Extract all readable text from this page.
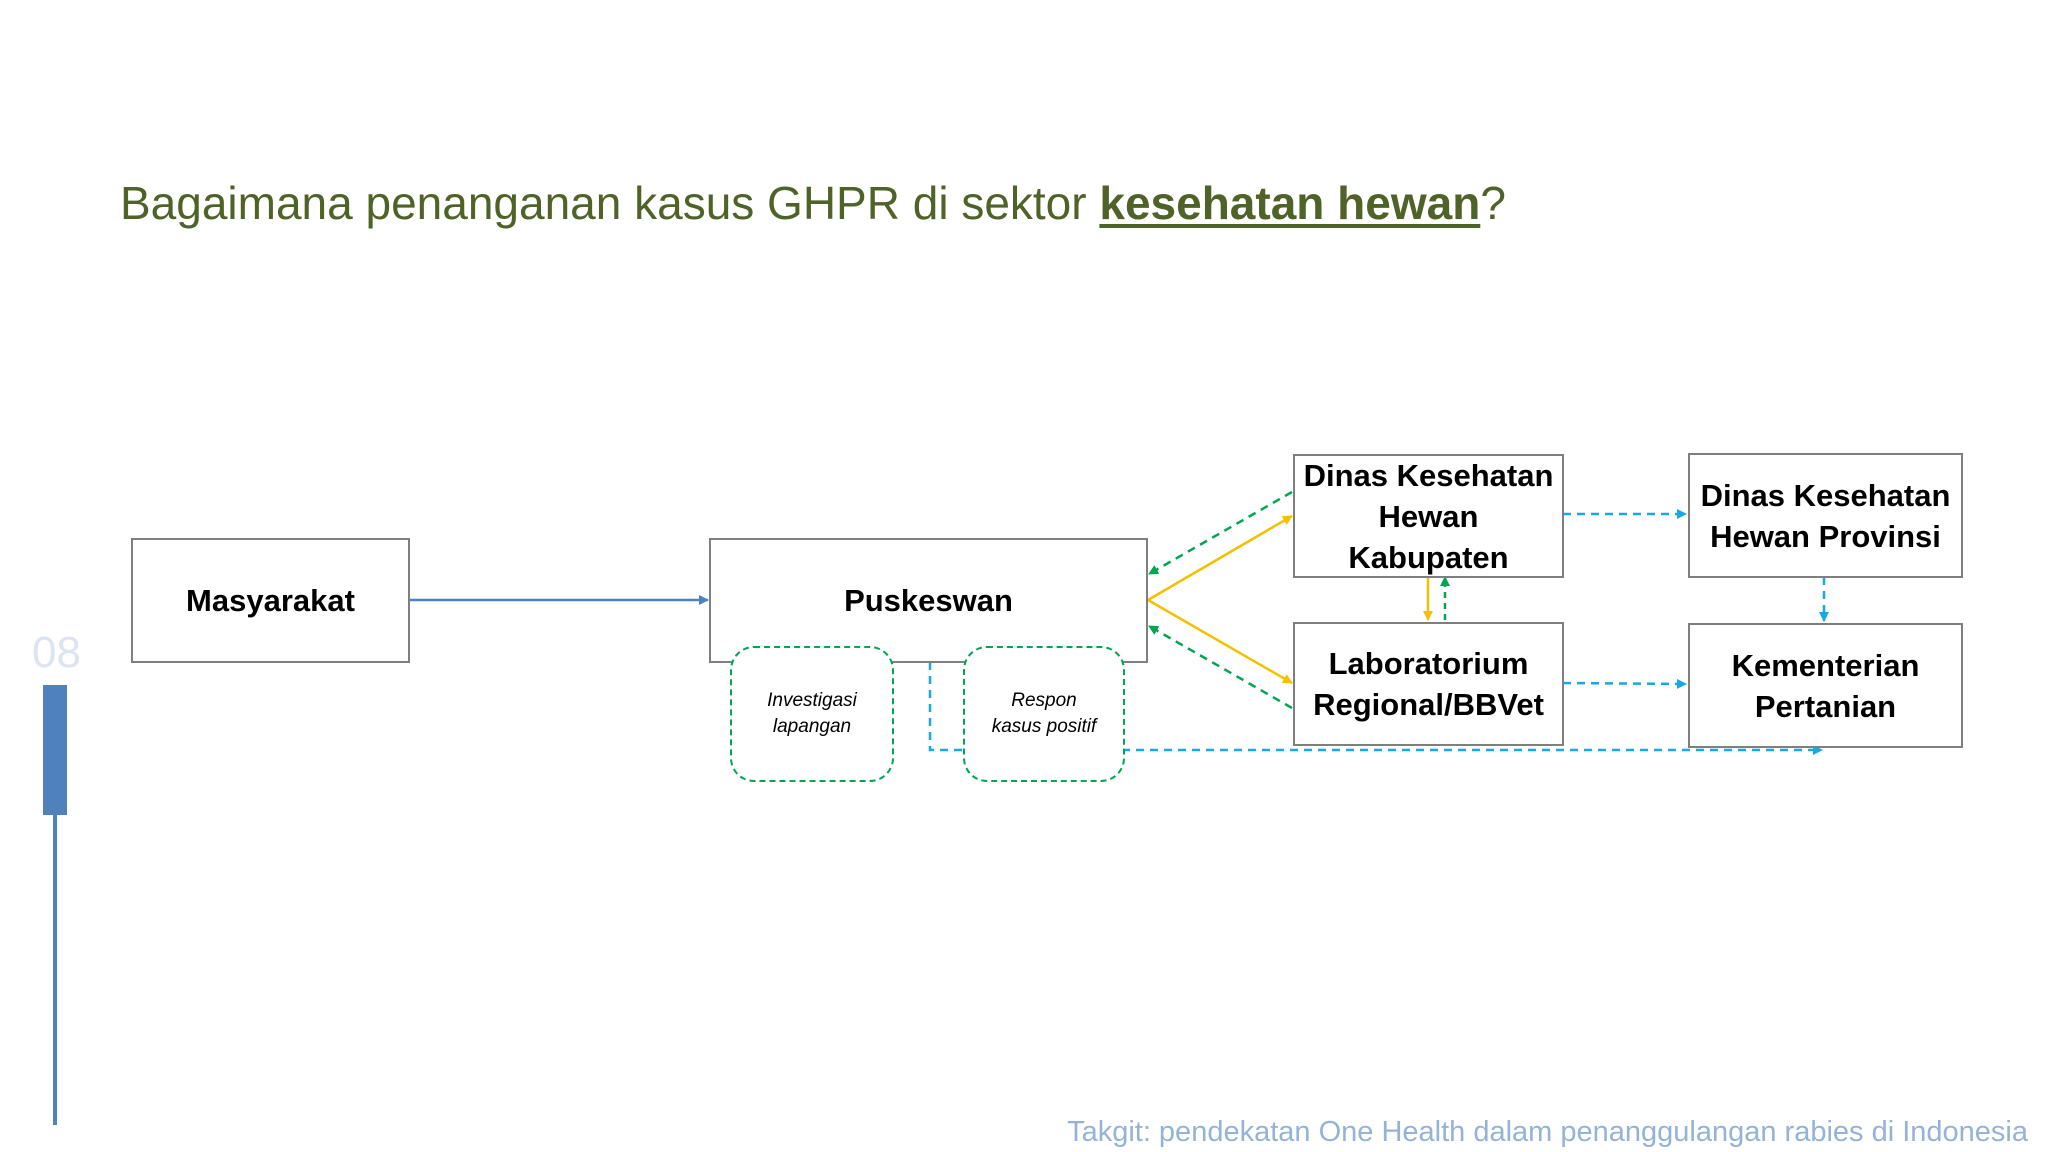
Bagaimana penanganan kasus GHPR di sektor kesehatan hewan?
08
Masyarakat	Puskeswan
Investigasi
lapangan
Respon
kasus positif
Dinas Kesehatan
Hewan
Kabupaten
Laboratorium
Regional/BBVet
Dinas Kesehatan
Hewan Provinsi
Kementerian
Pertanian
Takgit: pendekatan One Health dalam penanggulangan rabies di Indonesia
